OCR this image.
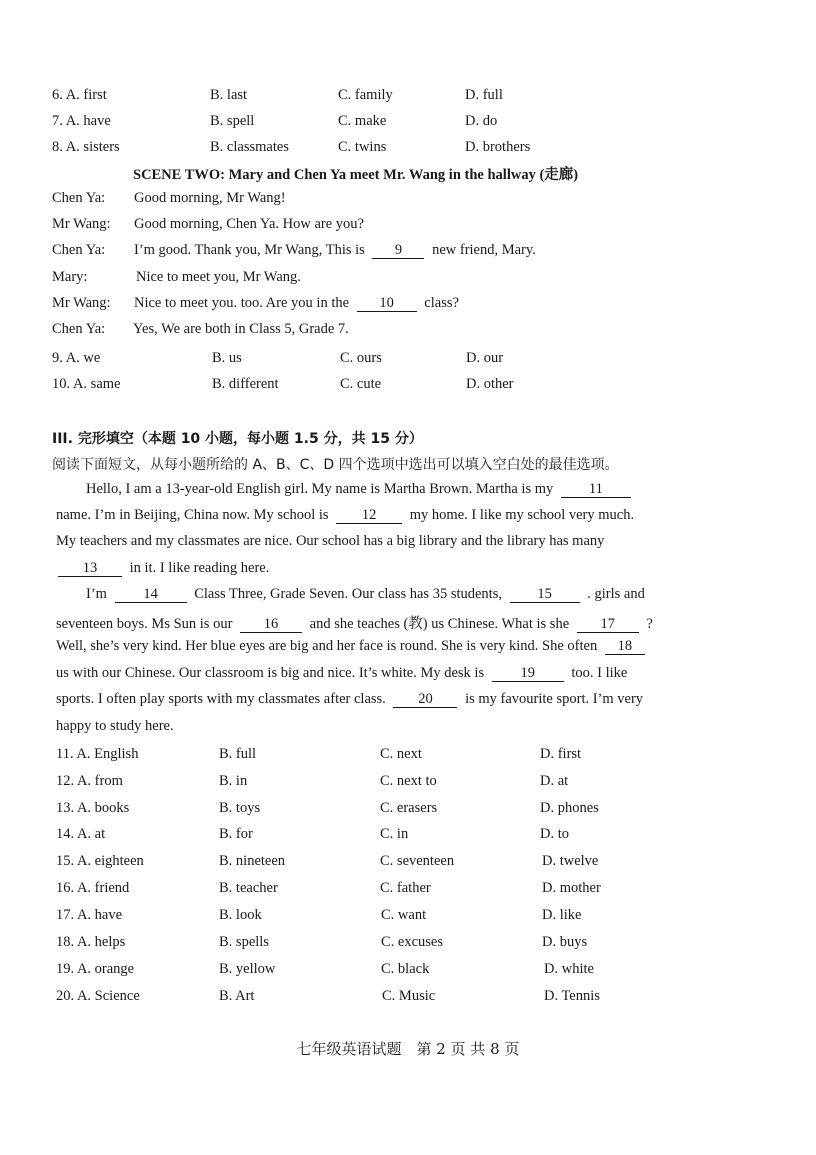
6. A. first	B. last	C. family	D. full
7. A. have	B. spell	C. make	D. do
8. A. sisters	B. classmates	C. twins	D. brothers
SCENE TWO: Mary and Chen Ya meet Mr. Wang in the hallway (走廊)
Chen Ya: Good morning, Mr Wang!
Mr Wang: Good morning, Chen Ya. How are you?
Chen Ya: I’m good. Thank you, Mr Wang, This is 9 new friend, Mary.
Mary:	Nice to meet you, Mr Wang.
Mr Wang: Nice to meet you. too. Are you in the 10 class?
Chen Ya: Yes, We are both in Class 5, Grade 7.
9. A. we	B. us	C. ours	D. our
10. A. same	B. different	C. cute	D. other
III. 完形填空（本题 10 小题，每小题 1.5 分，共 15 分）
阅读下面短文，从每小题所给的 A、B、C、D 四个选项中选出可以填入空白处的最佳选项。
Hello, I am a 13-year-old English girl. My name is Martha Brown. Martha is my 11
name. I’m in Beijing, China now. My school is 12 my home. I like my school very much.
My teachers and my classmates are nice. Our school has a big library and the library has many
13 in it. I like reading here.
I’m	14	Class Three, Grade Seven. Our class has 35 students, 15 . girls and
seventeen boys. Ms Sun is our 16 and she teaches (教) us Chinese. What is she 17 ?
Well, she’s very kind. Her blue eyes are big and her face is round. She is very kind. She often 18
us with our Chinese. Our classroom is big and nice. It’s white. My desk is	19	too. I like
sports. I often play sports with my classmates after class. 20 is my favourite sport. I’m very
happy to study here.
11. A. English	B. full	C. next	D. first
12. A. from	B. in	C. next to	D. at
13. A. books	B. toys	C. erasers	D. phones
14. A. at	B. for	C. in	D. to
15. A. eighteen	B. nineteen	C. seventeen	D. twelve
16. A. friend	B. teacher	C. father	D. mother
17. A. have	B. look	C. want	D. like
18. A. helps	B. spells	C. excuses	D. buys
19. A. orange	B. yellow	C. black	D. white
20. A. Science	B. Art	C. Music	D. Tennis
七年级英语试题　第 2 页 共 8 页
